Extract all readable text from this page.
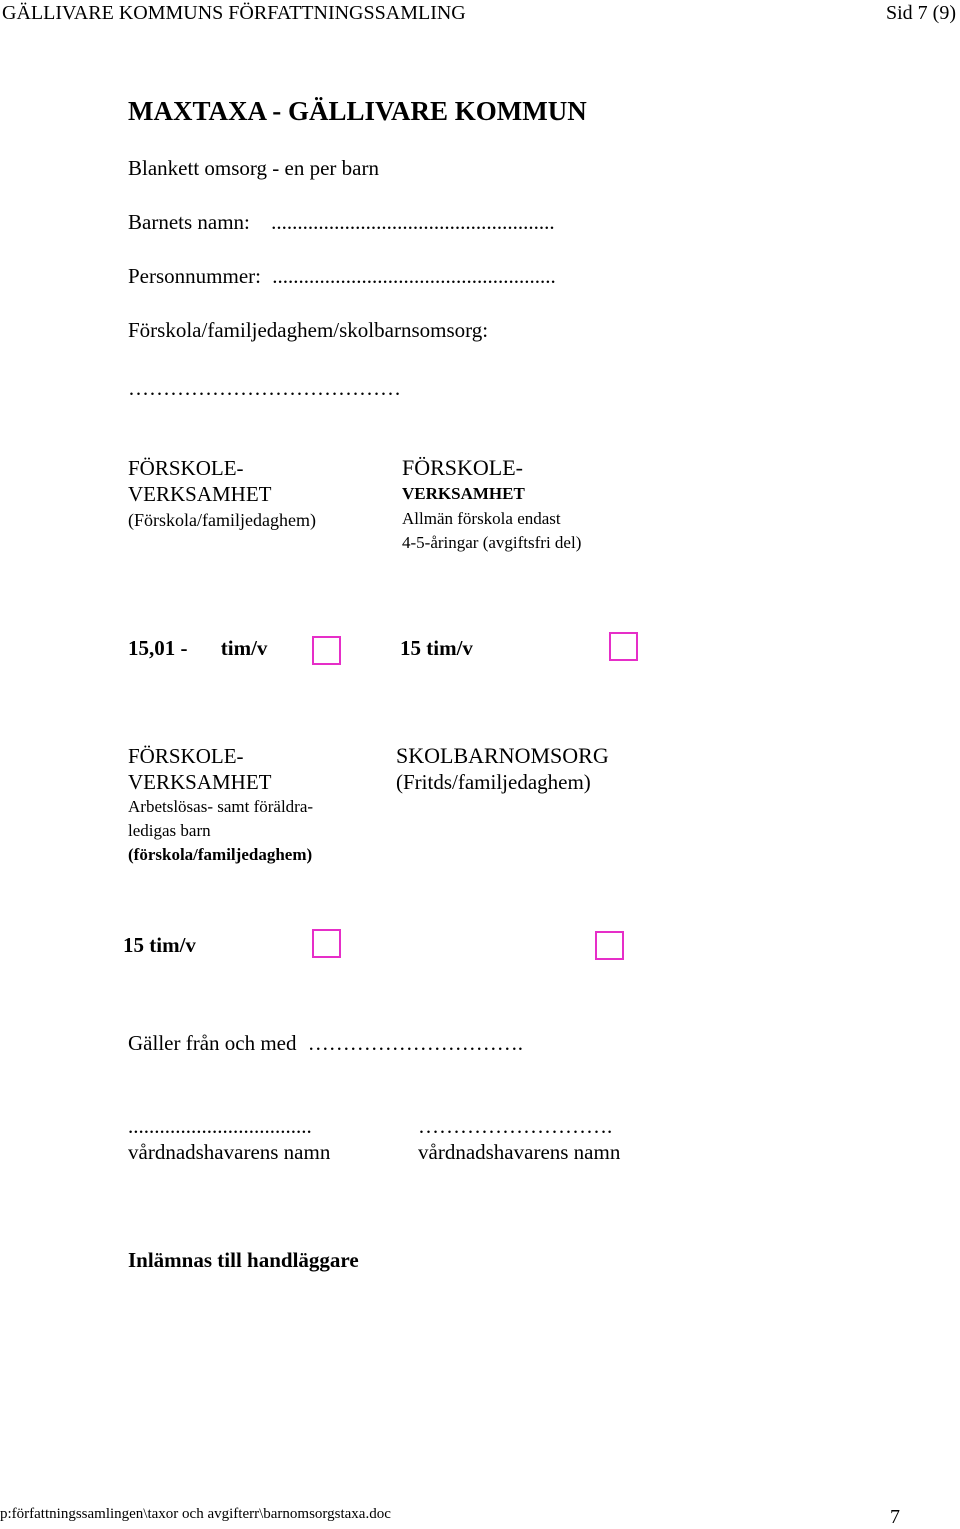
GÄLLIVARE KOMMUNS FÖRFATTNINGSSAMLING	Sid 7 (9)
MAXTAXA - GÄLLIVARE KOMMUN
Blankett omsorg - en per barn
Barnets namn: ......................................................
Personnummer: ......................................................
Förskola/familjedaghem/skolbarnsomsorg:
…………………………………
FÖRSKOLE-
VERKSAMHET
(Förskola/familjedaghem)
FÖRSKOLE-
VERKSAMHET
Allmän förskola endast
4-5-åringar (avgiftsfri del)
15,01 - tim/v	15 tim/v
FÖRSKOLE-
VERKSAMHET
Arbetslösas- samt föräldra-
ledigas barn
(förskola/familjedaghem)
SKOLBARNOMSORG
(Fritds/familjedaghem)
15 tim/v
Gäller från och med ………………………….
...................................
vårdnadshavarens namn
……………………….
vårdnadshavarens namn
Inlämnas till handläggare
p:författningssamlingen\taxor och avgifterr\barnomsorgstaxa.doc	7
